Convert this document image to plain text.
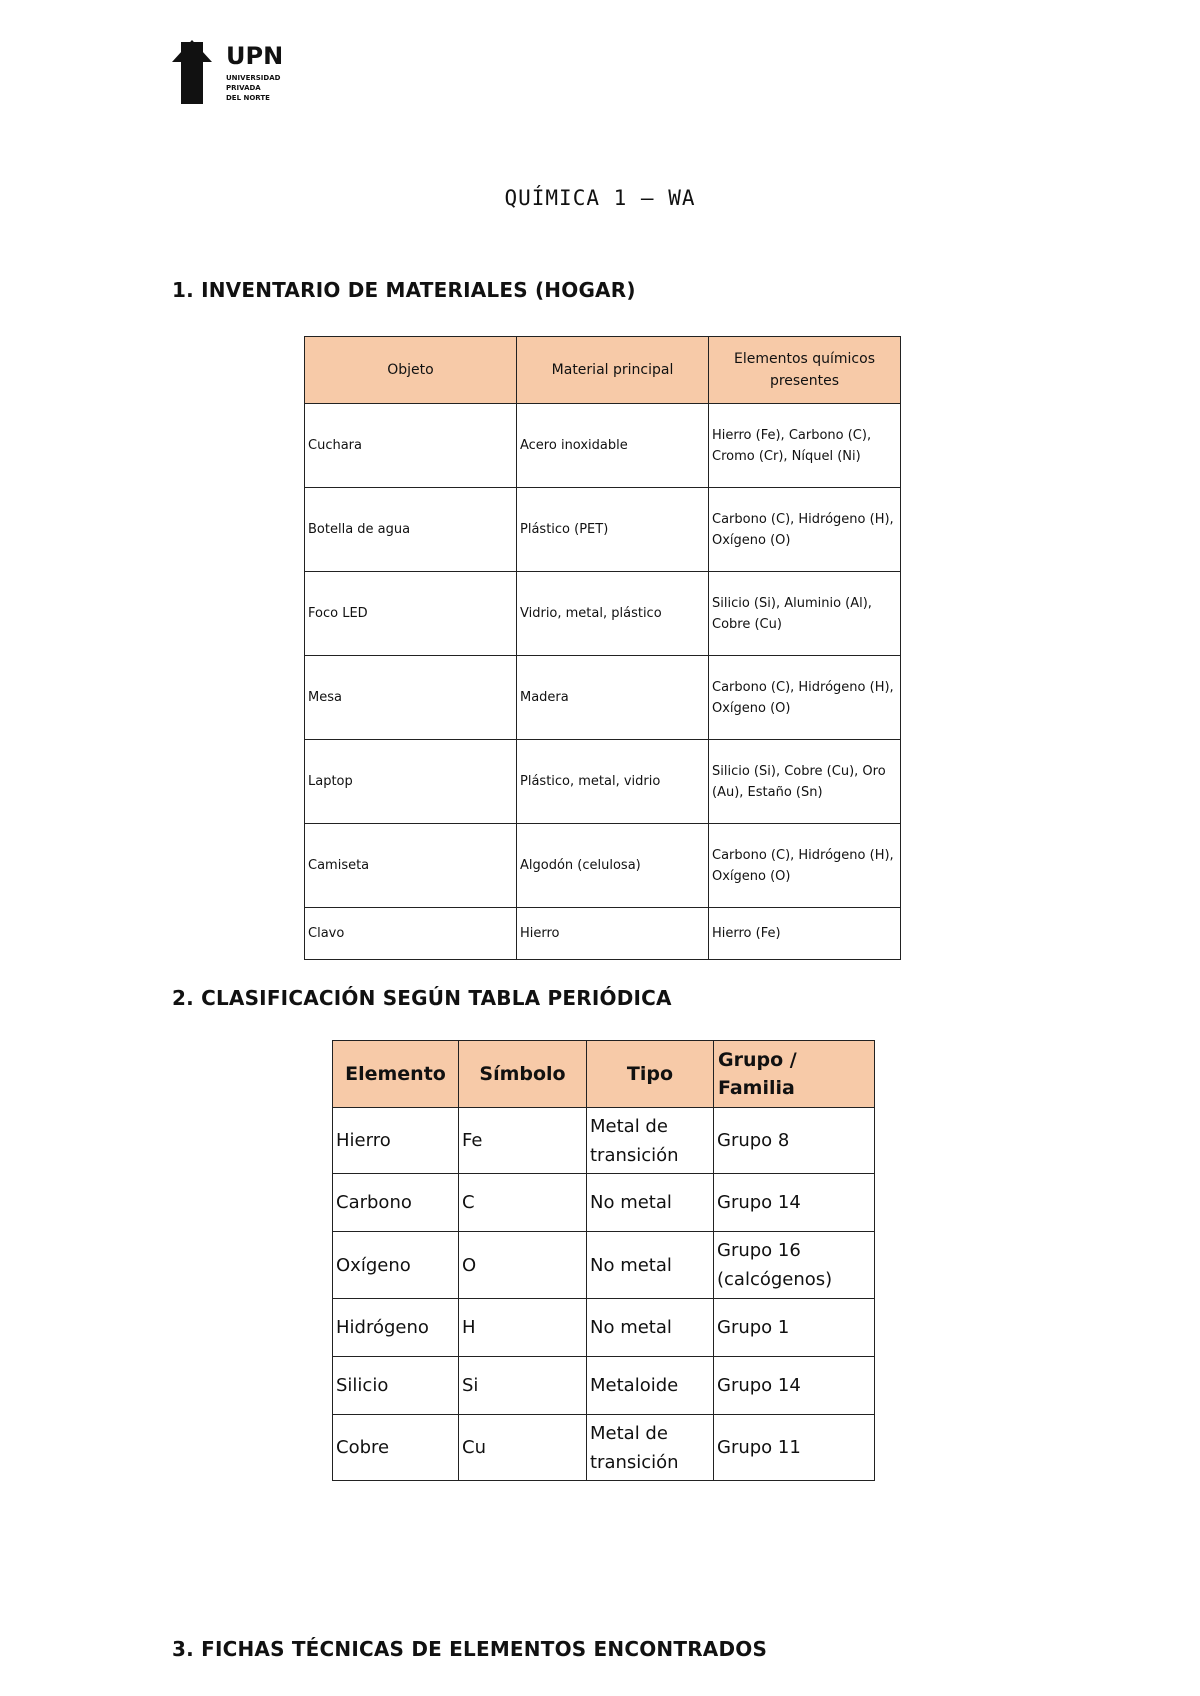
UPN
UNIVERSIDAD
PRIVADA
DEL NORTE
QUÍMICA 1 – WA
1. INVENTARIO DE MATERIALES (HOGAR)
Objeto	Material principal	Elementos químicos presentes
Cuchara	Acero inoxidable	Hierro (Fe), Carbono (C), Cromo (Cr), Níquel (Ni)
Botella de agua	Plástico (PET)	Carbono (C), Hidrógeno (H), Oxígeno (O)
Foco LED	Vidrio, metal, plástico	Silicio (Si), Aluminio (Al), Cobre (Cu)
Mesa	Madera	Carbono (C), Hidrógeno (H), Oxígeno (O)
Laptop	Plástico, metal, vidrio	Silicio (Si), Cobre (Cu), Oro (Au), Estaño (Sn)
Camiseta	Algodón (celulosa)	Carbono (C), Hidrógeno (H), Oxígeno (O)
Clavo	Hierro	Hierro (Fe)
2. CLASIFICACIÓN SEGÚN TABLA PERIÓDICA
Elemento	Símbolo	Tipo	Grupo / Familia
Hierro	Fe	Metal de transición	Grupo 8
Carbono	C	No metal	Grupo 14
Oxígeno	O	No metal	Grupo 16 (calcógenos)
Hidrógeno	H	No metal	Grupo 1
Silicio	Si	Metaloide	Grupo 14
Cobre	Cu	Metal de transición	Grupo 11
3. FICHAS TÉCNICAS DE ELEMENTOS ENCONTRADOS
